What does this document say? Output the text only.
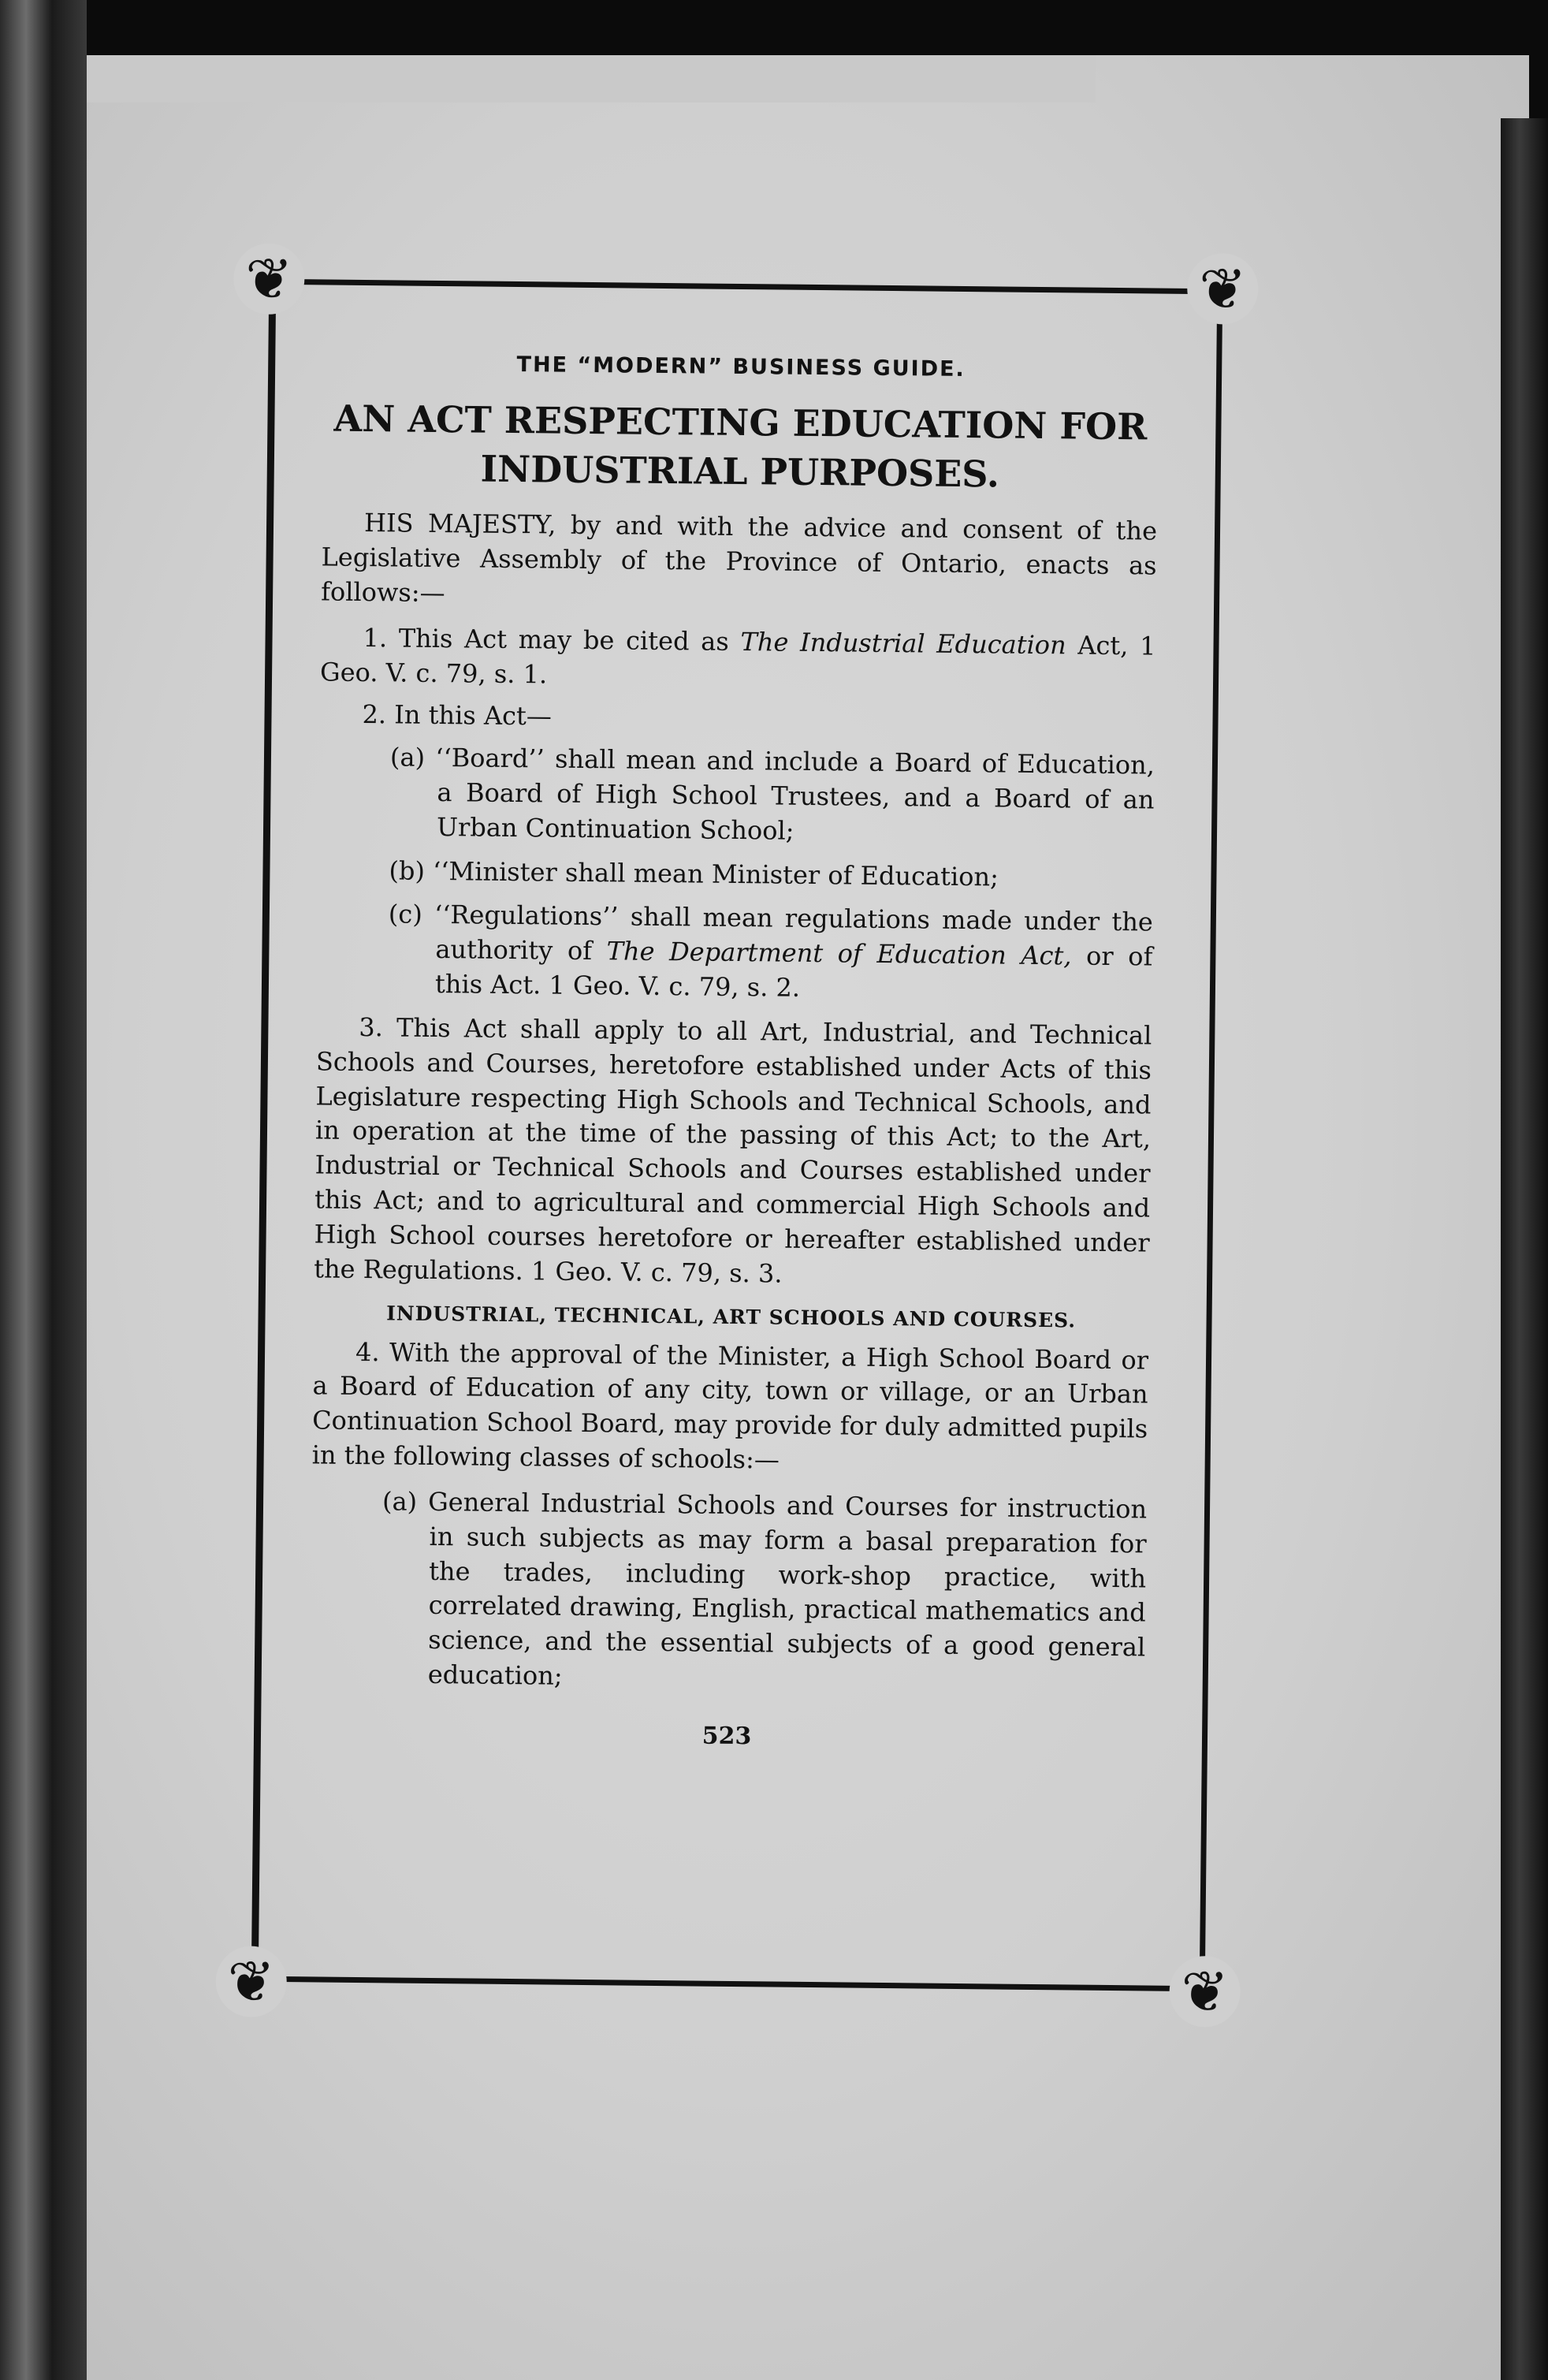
❦	❦
❦	❦
THE “MODERN” BUSINESS GUIDE.
AN ACT RESPECTING EDUCATION FOR INDUSTRIAL PURPOSES.

HIS MAJESTY, by and with the advice and consent of the Legislative Assembly of the Province of Ontario, enacts as follows:—

1. This Act may be cited as The Industrial Education Act, 1 Geo. V. c. 79, s. 1.

2. In this Act—

(a) ‘‘Board’’ shall mean and include a Board of Education, a Board of High School Trustees, and a Board of an Urban Continuation School;

(b) ‘‘Minister shall mean Minister of Education;

(c) ‘‘Regulations’’ shall mean regulations made under the authority of The Department of Education Act, or of this Act. 1 Geo. V. c. 79, s. 2.

3. This Act shall apply to all Art, Industrial, and Technical Schools and Courses, heretofore established under Acts of this Legislature respecting High Schools and Technical Schools, and in operation at the time of the passing of this Act; to the Art, Industrial or Technical Schools and Courses established under this Act; and to agricultural and commercial High Schools and High School courses heretofore or hereafter established under the Regulations. 1 Geo. V. c. 79, s. 3.

INDUSTRIAL, TECHNICAL, ART SCHOOLS AND COURSES.

4. With the approval of the Minister, a High School Board or a Board of Education of any city, town or village, or an Urban Continuation School Board, may provide for duly admitted pupils in the following classes of schools:—

(a) General Industrial Schools and Courses for instruction in such subjects as may form a basal preparation for the trades, including work-shop practice, with correlated drawing, English, practical mathematics and science, and the essential subjects of a good general education;

523
